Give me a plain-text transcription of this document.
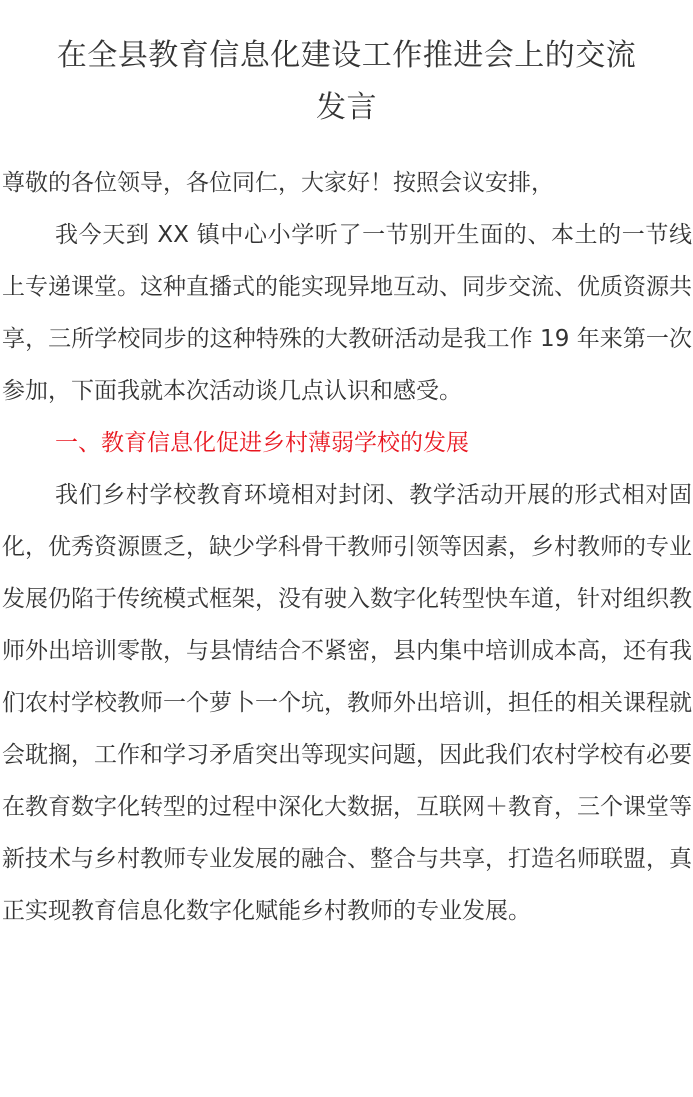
在全县教育信息化建设工作推进会上的交流
发言

尊敬的各位领导，各位同仁，大家好！按照会议安排，

我今天到 XX 镇中心小学听了一节别开生面的、本土的一节线上专递课堂。这种直播式的能实现异地互动、同步交流、优质资源共享，三所学校同步的这种特殊的大教研活动是我工作 19 年来第一次参加，下面我就本次活动谈几点认识和感受。

一、教育信息化促进乡村薄弱学校的发展

我们乡村学校教育环境相对封闭、教学活动开展的形式相对固化，优秀资源匮乏，缺少学科骨干教师引领等因素，乡村教师的专业发展仍陷于传统模式框架，没有驶入数字化转型快车道，针对组织教师外出培训零散，与县情结合不紧密，县内集中培训成本高，还有我们农村学校教师一个萝卜一个坑，教师外出培训，担任的相关课程就会耽搁，工作和学习矛盾突出等现实问题，因此我们农村学校有必要在教育数字化转型的过程中深化大数据，互联网＋教育，三个课堂等新技术与乡村教师专业发展的融合、整合与共享，打造名师联盟，真正实现教育信息化数字化赋能乡村教师的专业发展。
